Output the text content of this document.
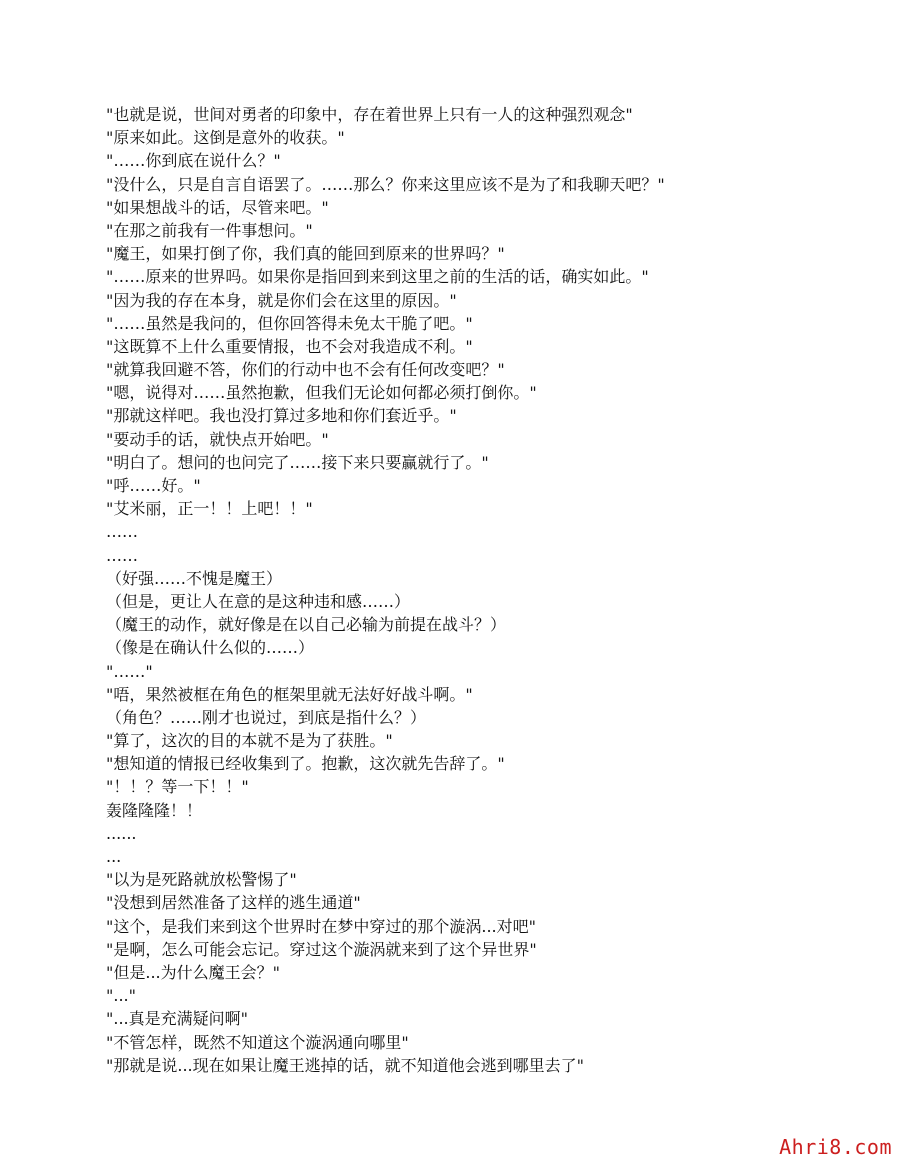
"也就是说，世间对勇者的印象中，存在着世界上只有一人的这种强烈观念"
"原来如此。这倒是意外的收获。"
"……你到底在说什么？"
"没什么，只是自言自语罢了。……那么？你来这里应该不是为了和我聊天吧？"
"如果想战斗的话，尽管来吧。"
"在那之前我有一件事想问。"
"魔王，如果打倒了你，我们真的能回到原来的世界吗？"
"……原来的世界吗。如果你是指回到来到这里之前的生活的话，确实如此。"
"因为我的存在本身，就是你们会在这里的原因。"
"……虽然是我问的，但你回答得未免太干脆了吧。"
"这既算不上什么重要情报，也不会对我造成不利。"
"就算我回避不答，你们的行动中也不会有任何改变吧？"
"嗯，说得对……虽然抱歉，但我们无论如何都必须打倒你。"
"那就这样吧。我也没打算过多地和你们套近乎。"
"要动手的话，就快点开始吧。"
"明白了。想问的也问完了……接下来只要赢就行了。"
"呼……好。"
"艾米丽，正一！！上吧！！"
……
……
（好强……不愧是魔王）
（但是，更让人在意的是这种违和感……）
（魔王的动作，就好像是在以自己必输为前提在战斗？）
（像是在确认什么似的……）
"……"
"唔，果然被框在角色的框架里就无法好好战斗啊。"
（角色？……刚才也说过，到底是指什么？）
"算了，这次的目的本就不是为了获胜。"
"想知道的情报已经收集到了。抱歉，这次就先告辞了。"
"！！？等一下！！"
轰隆隆隆！！
......
...
"以为是死路就放松警惕了"
"没想到居然准备了这样的逃生通道"
"这个，是我们来到这个世界时在梦中穿过的那个漩涡...对吧"
"是啊，怎么可能会忘记。穿过这个漩涡就来到了这个异世界"
"但是...为什么魔王会？"
"..."
"...真是充满疑问啊"
"不管怎样，既然不知道这个漩涡通向哪里"
"那就是说...现在如果让魔王逃掉的话，就不知道他会逃到哪里去了"
Ahri8.com
